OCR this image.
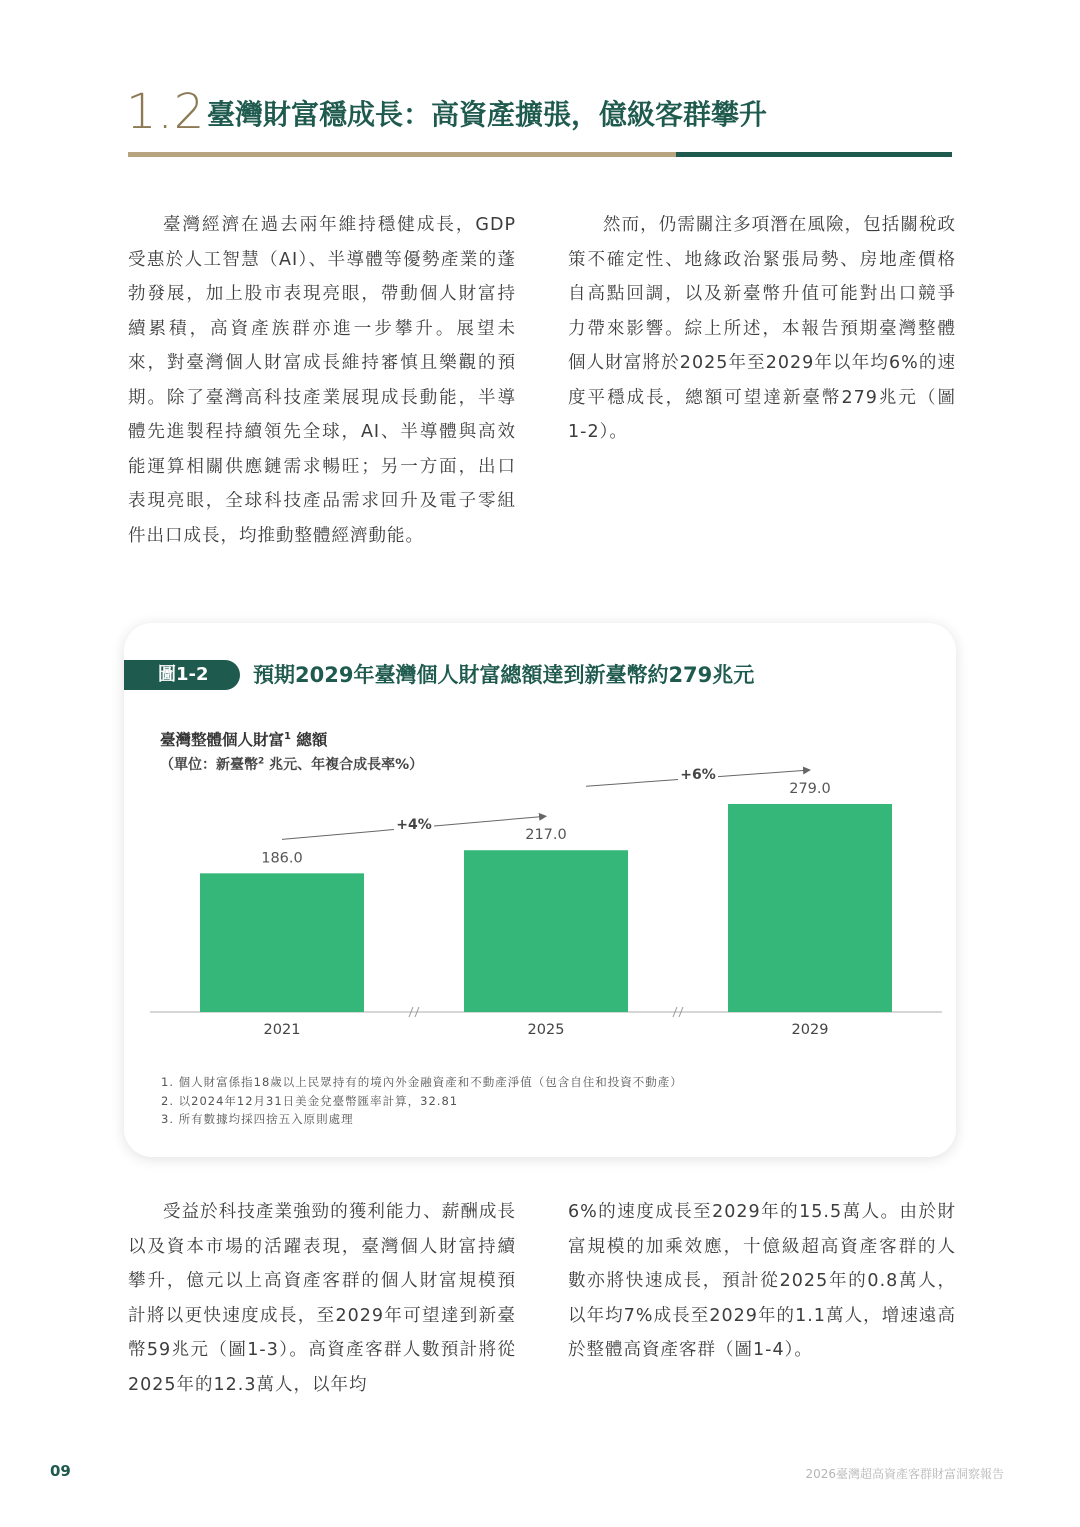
1.2 臺灣財富穩成長：高資產擴張，億級客群攀升

臺灣經濟在過去兩年維持穩健成長，GDP受惠於人工智慧（AI）、半導體等優勢產業的蓬勃發展，加上股市表現亮眼，帶動個人財富持續累積，高資產族群亦進一步攀升。展望未來，對臺灣個人財富成長維持審慎且樂觀的預期。除了臺灣高科技產業展現成長動能，半導體先進製程持續領先全球，AI、半導體與高效能運算相關供應鏈需求暢旺；另一方面，出口表現亮眼，全球科技產品需求回升及電子零組件出口成長，均推動整體經濟動能。

然而，仍需關注多項潛在風險，包括關稅政策不確定性、地緣政治緊張局勢、房地產價格自高點回調，以及新臺幣升值可能對出口競爭力帶來影響。綜上所述，本報告預期臺灣整體個人財富將於2025年至2029年以年均6%的速度平穩成長，總額可望達新臺幣279兆元（圖1-2）。

圖1-2	預期2029年臺灣個人財富總額達到新臺幣約279兆元
臺灣整體個人財富$^1$ 總額
（單位：新臺幣$^2$ 兆元、年複合成長率%）
186.0
2021
217.0
2025
279.0
2029
+4%
+6%
1. 個人財富係指18歲以上民眾持有的境內外金融資產和不動產淨值（包含自住和投資不動產）
2. 以2024年12月31日美金兌臺幣匯率計算，32.81
3. 所有數據均採四捨五入原則處理

受益於科技產業強勁的獲利能力、薪酬成長以及資本市場的活躍表現，臺灣個人財富持續攀升，億元以上高資產客群的個人財富規模預計將以更快速度成長，至2029年可望達到新臺幣59兆元（圖1-3）。高資產客群人數預計將從2025年的12.3萬人，以年均

6%的速度成長至2029年的15.5萬人。由於財富規模的加乘效應，十億級超高資產客群的人數亦將快速成長，預計從2025年的0.8萬人，以年均7%成長至2029年的1.1萬人，增速遠高於整體高資產客群（圖1-4）。

09	2026臺灣超高資產客群財富洞察報告
